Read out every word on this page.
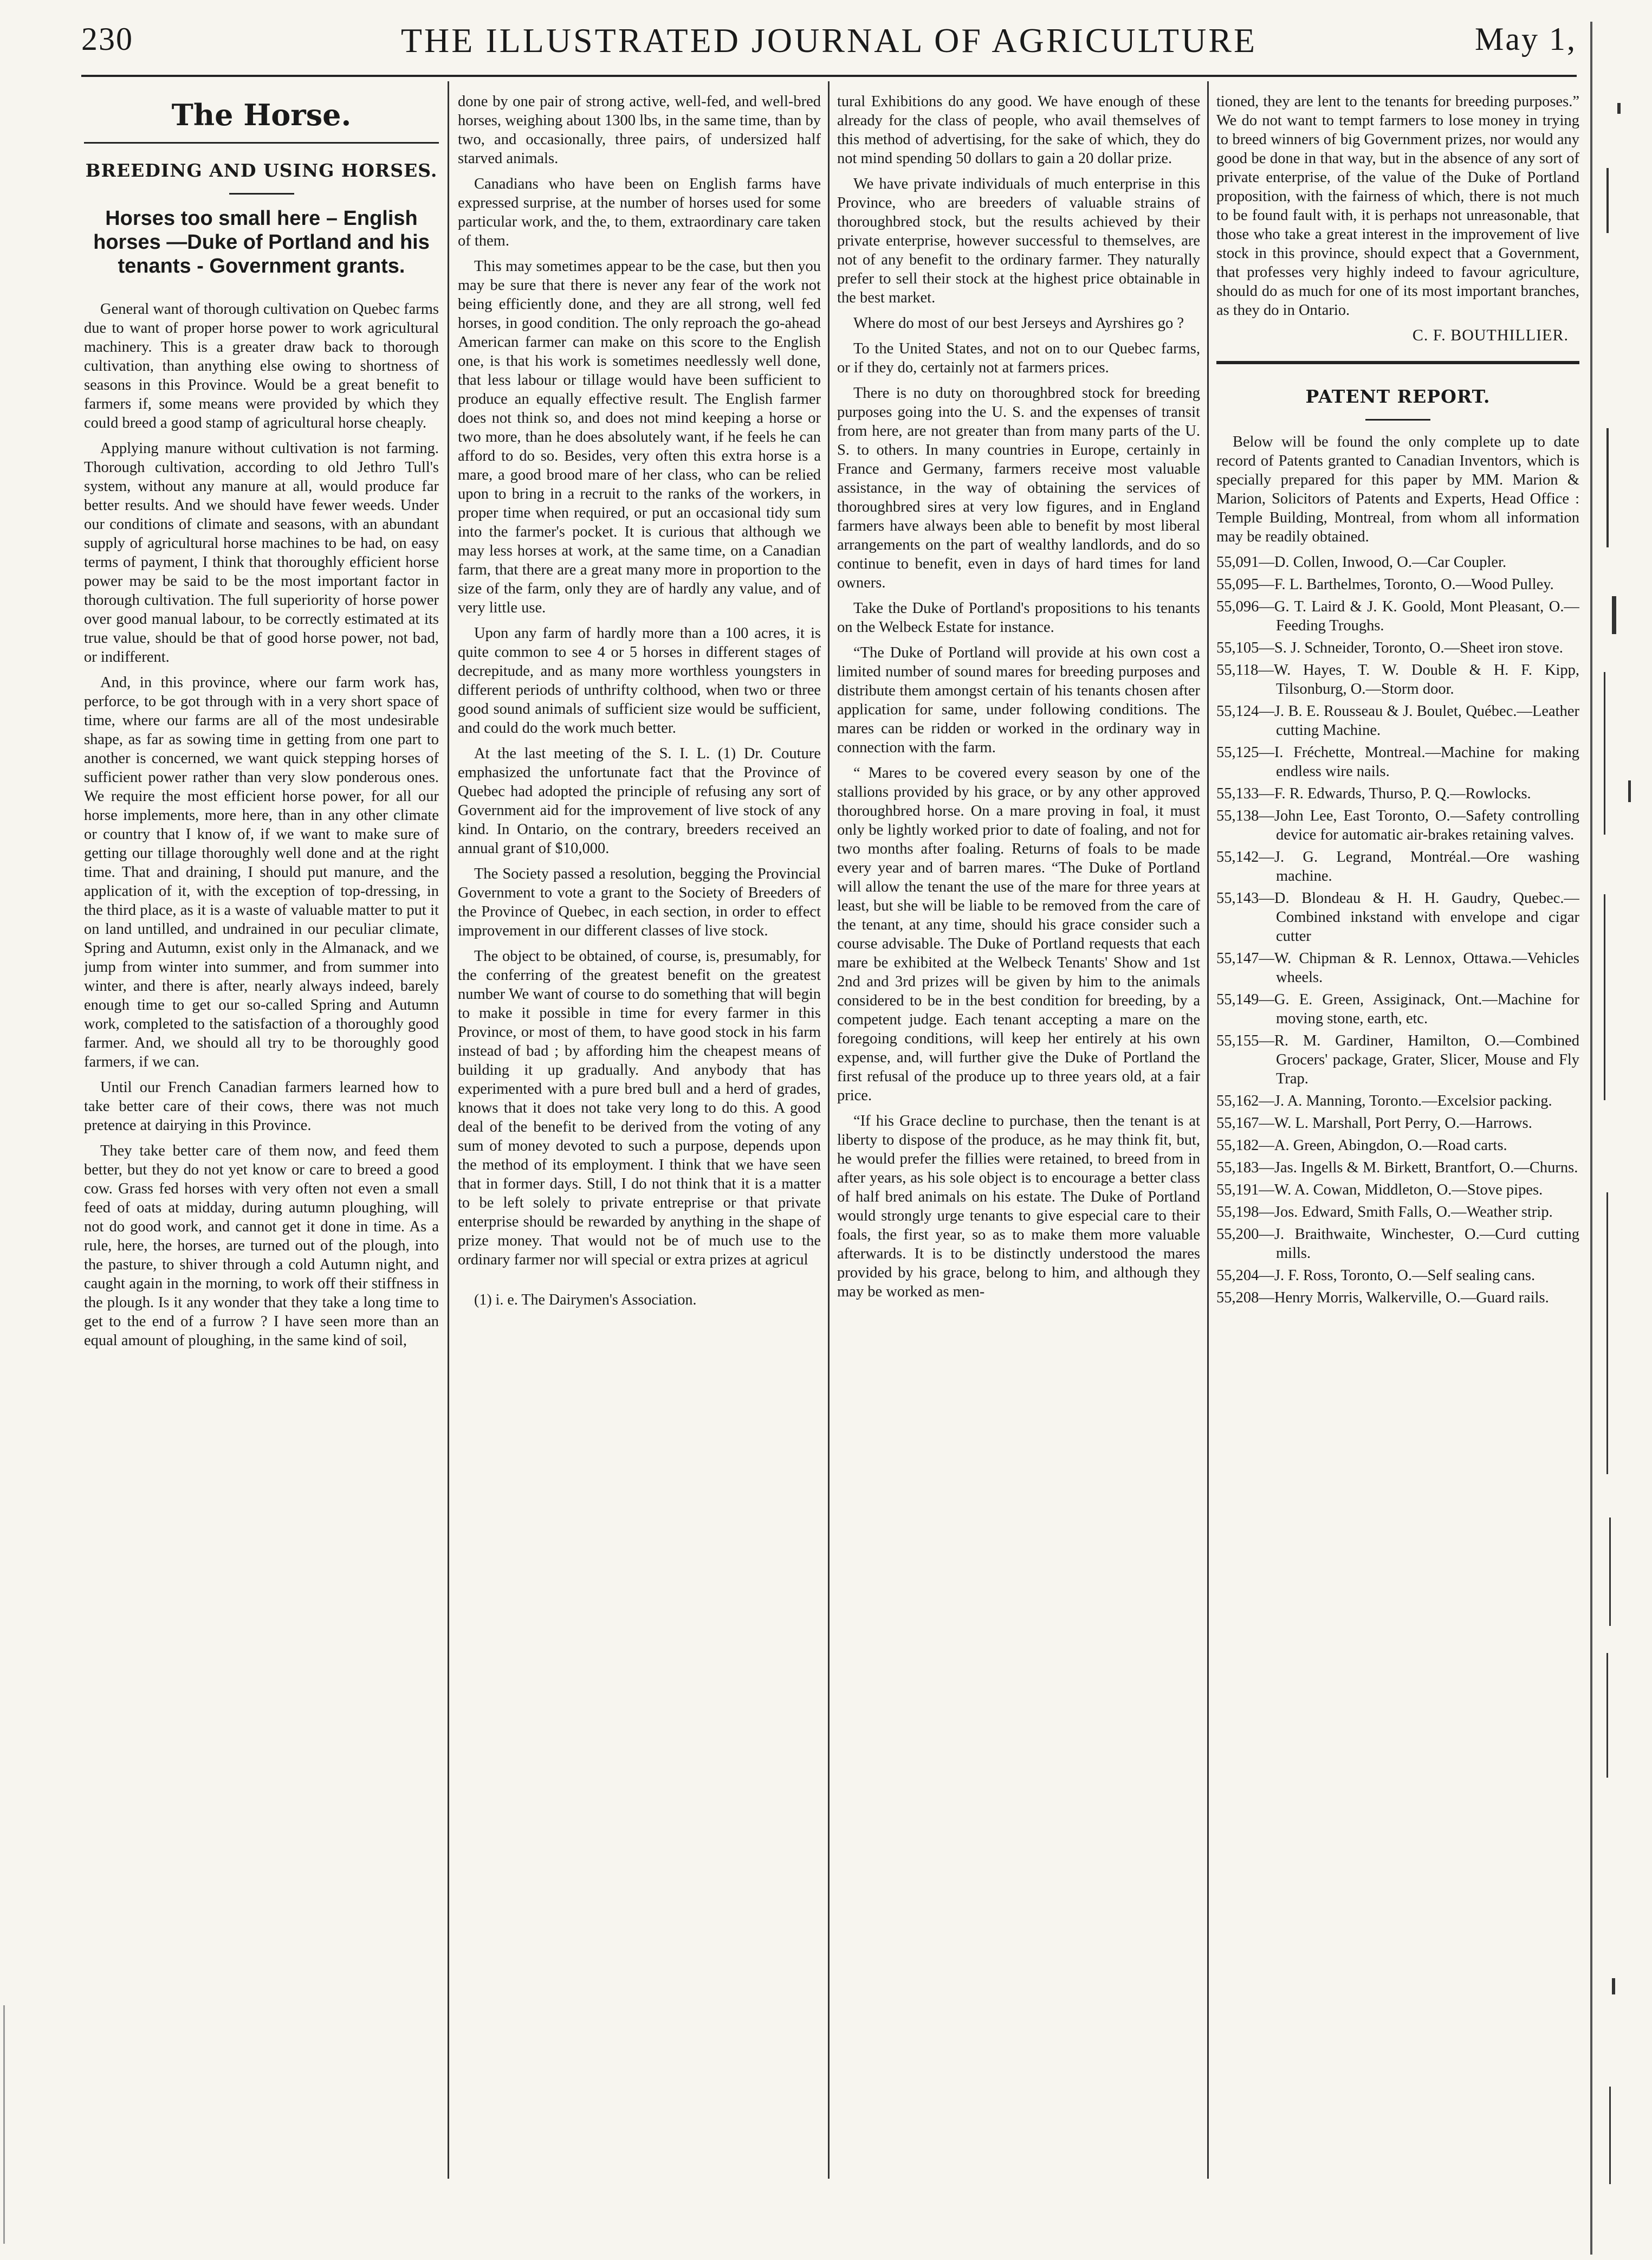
230	THE ILLUSTRATED JOURNAL OF AGRICULTURE	May 1,
The Horse.
BREEDING AND USING HORSES.
Horses too small here – English horses —Duke of Portland and his tenants - Government grants.

General want of thorough cultivation on Quebec farms due to want of proper horse power to work agricultural machinery. This is a greater draw back to thorough cultivation, than anything else owing to shortness of seasons in this Province. Would be a great benefit to farmers if, some means were provided by which they could breed a good stamp of agricultural horse cheaply.

Applying manure without cultivation is not farming. Thorough cultivation, according to old Jethro Tull's system, without any manure at all, would produce far better results. And we should have fewer weeds. Under our conditions of climate and seasons, with an abundant supply of agricultural horse machines to be had, on easy terms of payment, I think that thoroughly efficient horse power may be said to be the most important factor in thorough cultivation. The full superiority of horse power over good manual labour, to be correctly estimated at its true value, should be that of good horse power, not bad, or indifferent.

And, in this province, where our farm work has, perforce, to be got through with in a very short space of time, where our farms are all of the most undesirable shape, as far as sowing time in getting from one part to another is concerned, we want quick stepping horses of sufficient power rather than very slow ponderous ones. We require the most efficient horse power, for all our horse implements, more here, than in any other climate or country that I know of, if we want to make sure of getting our tillage thoroughly well done and at the right time. That and draining, I should put manure, and the application of it, with the exception of top-dressing, in the third place, as it is a waste of valuable matter to put it on land untilled, and undrained in our peculiar climate, Spring and Autumn, exist only in the Almanack, and we jump from winter into summer, and from summer into winter, and there is after, nearly always indeed, barely enough time to get our so-called Spring and Autumn work, completed to the satisfaction of a thoroughly good farmer. And, we should all try to be thoroughly good farmers, if we can.

Until our French Canadian farmers learned how to take better care of their cows, there was not much pretence at dairying in this Province.

They take better care of them now, and feed them better, but they do not yet know or care to breed a good cow. Grass fed horses with very often not even a small feed of oats at midday, during autumn ploughing, will not do good work, and cannot get it done in time. As a rule, here, the horses, are turned out of the plough, into the pasture, to shiver through a cold Autumn night, and caught again in the morning, to work off their stiffness in the plough. Is it any wonder that they take a long time to get to the end of a furrow ? I have seen more than an equal amount of ploughing, in the same kind of soil,

done by one pair of strong active, well-fed, and well-bred horses, weighing about 1300 lbs, in the same time, than by two, and occasionally, three pairs, of undersized half starved animals.

Canadians who have been on English farms have expressed surprise, at the number of horses used for some particular work, and the, to them, extraordinary care taken of them.

This may sometimes appear to be the case, but then you may be sure that there is never any fear of the work not being efficiently done, and they are all strong, well fed horses, in good condition. The only reproach the go-ahead American farmer can make on this score to the English one, is that his work is sometimes needlessly well done, that less labour or tillage would have been sufficient to produce an equally effective result. The English farmer does not think so, and does not mind keeping a horse or two more, than he does absolutely want, if he feels he can afford to do so. Besides, very often this extra horse is a mare, a good brood mare of her class, who can be relied upon to bring in a recruit to the ranks of the workers, in proper time when required, or put an occasional tidy sum into the farmer's pocket. It is curious that although we may less horses at work, at the same time, on a Canadian farm, that there are a great many more in proportion to the size of the farm, only they are of hardly any value, and of very little use.

Upon any farm of hardly more than a 100 acres, it is quite common to see 4 or 5 horses in different stages of decrepitude, and as many more worthless youngsters in different periods of unthrifty colthood, when two or three good sound animals of sufficient size would be sufficient, and could do the work much better.

At the last meeting of the S. I. L. (1) Dr. Couture emphasized the unfortunate fact that the Province of Quebec had adopted the principle of refusing any sort of Government aid for the improvement of live stock of any kind. In Ontario, on the contrary, breeders received an annual grant of $10,000.

The Society passed a resolution, begging the Provincial Government to vote a grant to the Society of Breeders of the Province of Quebec, in each section, in order to effect improvement in our different classes of live stock.

The object to be obtained, of course, is, presumably, for the conferring of the greatest benefit on the greatest number We want of course to do something that will begin to make it possible in time for every farmer in this Province, or most of them, to have good stock in his farm instead of bad ; by affording him the cheapest means of building it up gradually. And anybody that has experimented with a pure bred bull and a herd of grades, knows that it does not take very long to do this. A good deal of the benefit to be derived from the voting of any sum of money devoted to such a purpose, depends upon the method of its employment. I think that we have seen that in former days. Still, I do not think that it is a matter to be left solely to private entreprise or that private enterprise should be rewarded by anything in the shape of prize money. That would not be of much use to the ordinary farmer nor will special or extra prizes at agricul

(1) i. e. The Dairymen's Association.

tural Exhibitions do any good. We have enough of these already for the class of people, who avail themselves of this method of advertising, for the sake of which, they do not mind spending 50 dollars to gain a 20 dollar prize.

We have private individuals of much enterprise in this Province, who are breeders of valuable strains of thoroughbred stock, but the results achieved by their private enterprise, however successful to themselves, are not of any benefit to the ordinary farmer. They naturally prefer to sell their stock at the highest price obtainable in the best market.

Where do most of our best Jerseys and Ayrshires go ?

To the United States, and not on to our Quebec farms, or if they do, certainly not at farmers prices.

There is no duty on thoroughbred stock for breeding purposes going into the U. S. and the expenses of transit from here, are not greater than from many parts of the U. S. to others. In many countries in Europe, certainly in France and Germany, farmers receive most valuable assistance, in the way of obtaining the services of thoroughbred sires at very low figures, and in England farmers have always been able to benefit by most liberal arrangements on the part of wealthy landlords, and do so continue to benefit, even in days of hard times for land owners.

Take the Duke of Portland's propositions to his tenants on the Welbeck Estate for instance.

“The Duke of Portland will provide at his own cost a limited number of sound mares for breeding purposes and distribute them amongst certain of his tenants chosen after application for same, under following conditions. The mares can be ridden or worked in the ordinary way in connection with the farm.

“ Mares to be covered every season by one of the stallions provided by his grace, or by any other approved thoroughbred horse. On a mare proving in foal, it must only be lightly worked prior to date of foaling, and not for two months after foaling. Returns of foals to be made every year and of barren mares. “The Duke of Portland will allow the tenant the use of the mare for three years at least, but she will be liable to be removed from the care of the tenant, at any time, should his grace consider such a course advisable. The Duke of Portland requests that each mare be exhibited at the Welbeck Tenants' Show and 1st 2nd and 3rd prizes will be given by him to the animals considered to be in the best condition for breeding, by a competent judge. Each tenant accepting a mare on the foregoing conditions, will keep her entirely at his own expense, and, will further give the Duke of Portland the first refusal of the produce up to three years old, at a fair price.

“If his Grace decline to purchase, then the tenant is at liberty to dispose of the produce, as he may think fit, but, he would prefer the fillies were retained, to breed from in after years, as his sole object is to encourage a better class of half bred animals on his estate. The Duke of Portland would strongly urge tenants to give especial care to their foals, the first year, so as to make them more valuable afterwards. It is to be distinctly understood the mares provided by his grace, belong to him, and although they may be worked as men-

tioned, they are lent to the tenants for breeding purposes.” We do not want to tempt farmers to lose money in trying to breed winners of big Government prizes, nor would any good be done in that way, but in the absence of any sort of private enterprise, of the value of the Duke of Portland proposition, with the fairness of which, there is not much to be found fault with, it is perhaps not unreasonable, that those who take a great interest in the improvement of live stock in this province, should expect that a Government, that professes very highly indeed to favour agriculture, should do as much for one of its most important branches, as they do in Ontario.

C. F. BOUTHILLIER.
PATENT REPORT.

Below will be found the only complete up to date record of Patents granted to Canadian Inventors, which is specially prepared for this paper by MM. Marion & Marion, Solicitors of Patents and Experts, Head Office : Temple Building, Montreal, from whom all information may be readily obtained.

55,091—D. Collen, Inwood, O.—Car Coupler.

55,095—F. L. Barthelmes, Toronto, O.—Wood Pulley.

55,096—G. T. Laird & J. K. Goold, Mont Pleasant, O.—Feeding Troughs.

55,105—S. J. Schneider, Toronto, O.—Sheet iron stove.

55,118—W. Hayes, T. W. Double & H. F. Kipp, Tilsonburg, O.—Storm door.

55,124—J. B. E. Rousseau & J. Boulet, Québec.—Leather cutting Machine.

55,125—I. Fréchette, Montreal.—Machine for making endless wire nails.

55,133—F. R. Edwards, Thurso, P. Q.—Rowlocks.

55,138—John Lee, East Toronto, O.—Safety controlling device for automatic air-brakes retaining valves.

55,142—J. G. Legrand, Montréal.—Ore washing machine.

55,143—D. Blondeau & H. H. Gaudry, Quebec.—Combined inkstand with envelope and cigar cutter

55,147—W. Chipman & R. Lennox, Ottawa.—Vehicles wheels.

55,149—G. E. Green, Assiginack, Ont.—Machine for moving stone, earth, etc.

55,155—R. M. Gardiner, Hamilton, O.—Combined Grocers' package, Grater, Slicer, Mouse and Fly Trap.

55,162—J. A. Manning, Toronto.—Excelsior packing.

55,167—W. L. Marshall, Port Perry, O.—Harrows.

55,182—A. Green, Abingdon, O.—Road carts.

55,183—Jas. Ingells & M. Birkett, Brantfort, O.—Churns.

55,191—W. A. Cowan, Middleton, O.—Stove pipes.

55,198—Jos. Edward, Smith Falls, O.—Weather strip.

55,200—J. Braithwaite, Winchester, O.—Curd cutting mills.

55,204—J. F. Ross, Toronto, O.—Self sealing cans.

55,208—Henry Morris, Walkerville, O.—Guard rails.
